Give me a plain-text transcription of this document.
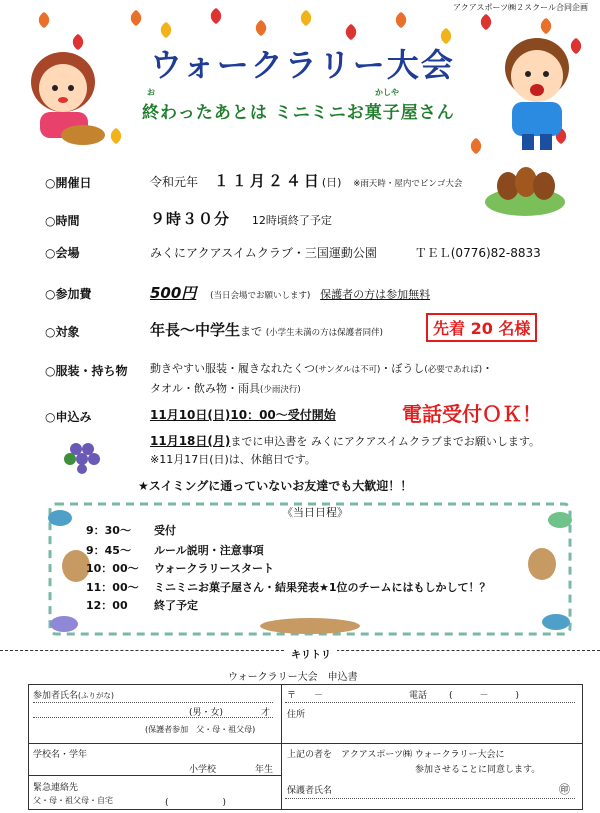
アクアスポーツ㈱２スクール合同企画
ウォークラリー大会
終わったあとは ミニミニお菓子屋さん
お	かしや
○開催日	令和元年 １１月２４日(日) ※雨天時・屋内でビンゴ大会
○時間	９時３０分 12時頃終了予定
○会場	みくにアクアスイムクラブ・三国運動公園	ＴＥＬ(0776)82-8833
○参加費	500円 (当日会場でお願いします) 保護者の方は参加無料
○対象	年長～中学生まで (小学生未満の方は保護者同伴)	先着 20 名様
○服装・持ち物 動きやすい服装・履きなれたくつ(サンダルは不可)・ぼうし(必要であれば)・
タオル・飲み物・雨具(少雨決行)
○申込み	11月10日(日)10：00～受付開始	電話受付ＯＫ！
11月18日(月)までに申込書を みくにアクアスイムクラブまでお願いします。
※11月17日(日)は、休館日です。
★スイミングに通っていないお友達でも大歓迎！！
《当日日程》
9：30～ 受付
9：45～ ルール説明・注意事項
10：00～ ウォークラリースタート
11：00～ ミニミニお菓子屋さん・結果発表★1位のチームにはもしかして！？
12：00 終了予定
キリトリ
ウォークラリー大会　申込書
参加者氏名(ふりがな)
(男・女)	才
(保護者参加　父・母・祖父母)
〒　　－	電話 (　　　－　　　)
住所
学校名・学年
小学校	年生
上記の者を　アクアスポーツ㈱ ウォークラリー大会に
参加させることに同意します。
緊急連絡先
父・母・祖父母・自宅	(　　　　　　)
保護者氏名	㊞
